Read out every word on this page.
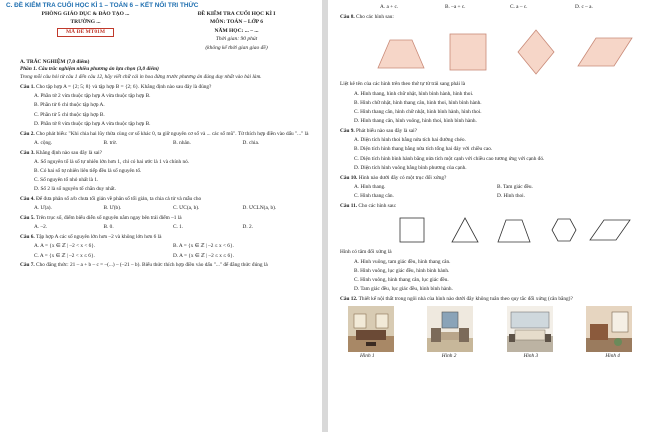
C. ĐỀ KIỂM TRA CUỐI HỌC KÌ 1 – TOÁN 6 – KẾT NỐI TRI THỨC
PHÒNG GIÁO DỤC & ĐÀO TẠO ...
TRƯỜNG ...
MÃ ĐỀ MT01M
ĐỀ KIỂM TRA CUỐI HỌC KÌ I
MÔN: TOÁN – LỚP 6
NĂM HỌC: ... – ...
Thời gian: 90 phút
(không kể thời gian giao đề)
A. TRẮC NGHIỆM (7,0 điểm)
Phần 1. Câu trắc nghiệm nhiều phương án lựa chọn (3,0 điểm)
Trong mỗi câu hỏi từ câu 1 đến câu 12, hãy viết chữ cái in hoa đứng trước phương án đúng duy nhất vào bài làm.
Câu 1. Cho tập hợp A = {2; 5; 8} và tập hợp B = {2; 6}. Khẳng định nào sau đây là đúng?
A. Phần tử 2 vừa thuộc tập hợp A vừa thuộc tập hợp B.
B. Phần tử 6 chỉ thuộc tập hợp A.
C. Phần tử 5 chỉ thuộc tập hợp B.
D. Phần tử 8 vừa thuộc tập hợp A vừa thuộc tập hợp B.
Câu 2. Cho phát biểu: "Khi chia hai lũy thừa cùng cơ số khác 0, ta giữ nguyên cơ số và ... các số mũ". Từ thích hợp điền vào dấu "..." là
A. cộng.	B. trừ.	B. nhân.	D. chia.
Câu 3. Khẳng định nào sau đây là sai?
A. Số nguyên tố là số tự nhiên lớn hơn 1, chỉ có hai ước là 1 và chính nó.
B. Có hai số tự nhiên liên tiếp đều là số nguyên tố.
C. Số nguyên tố nhỏ nhất là 1.
D. Số 2 là số nguyên tố chẵn duy nhất.
Câu 4. Để đưa phân số a/b chưa tối giản về phân số tối giản, ta chia cả tử và mẫu cho
A. Ư(a).	B. Ư(b).	C. ƯC(a, b).	D. ƯCLN(a, b).
Câu 5. Trên trục số, điểm biểu diễn số nguyên nằm ngay bên trái điểm –1 là
A. –2.	B. 0.	C. 1.	D. 2.
Câu 6. Tập hợp A các số nguyên lớn hơn –2 và không lớn hơn 6 là
A. A = {x ∈ ℤ | –2 < x < 6}.	B. A = {x ∈ ℤ | –2 ≤ x < 6}.
C. A = {x ∈ ℤ | –2 < x ≤ 6}.	D. A = {x ∈ ℤ | –2 ≤ x ≤ 6}.
Câu 7. Cho đẳng thức: 21 – a + b – c = –(...) – (–21 – b). Biểu thức thích hợp điền vào dấu "..." để đẳng thức đúng là
A. a + c.	B. –a + c.	C. a – c.	D. c – a.
Câu 8. Cho các hình sau:
Liệt kê tên của các hình trên theo thứ tự từ trái sang phải là
A. Hình thang, hình chữ nhật, hình bình hành, hình thoi.
B. Hình chữ nhật, hình thang cân, hình thoi, hình bình hành.
C. Hình thang cân, hình chữ nhật, hình bình hành, hình thoi.
D. Hình thang cân, hình vuông, hình thoi, hình bình hành.
Câu 9. Phát biểu nào sau đây là sai?
A. Diện tích hình thoi bằng nửa tích hai đường chéo.
B. Diện tích hình thang bằng nửa tích tổng hai đáy với chiều cao.
C. Diện tích hình bình hành bằng nửa tích một cạnh với chiều cao tương ứng với cạnh đó.
D. Diện tích hình vuông bằng bình phương của cạnh.
Câu 10. Hình nào dưới đây có một trục đối xứng?
A. Hình thang.	B. Tam giác đều.
C. Hình thang cân.	D. Hình thoi.
Câu 11. Cho các hình sau:
Hình có tâm đối xứng là
A. Hình vuông, tam giác đều, hình thang cân.
B. Hình vuông, lục giác đều, hình bình hành.
C. Hình vuông, hình thang cân, lục giác đều.
D. Tam giác đều, lục giác đều, hình bình hành.
Câu 12. Thiết kế nội thất trong ngôi nhà của hình nào dưới đây không tuân theo quy tắc đối xứng (cân bằng)?
Hình 1	Hình 2	Hình 3	Hình 4
